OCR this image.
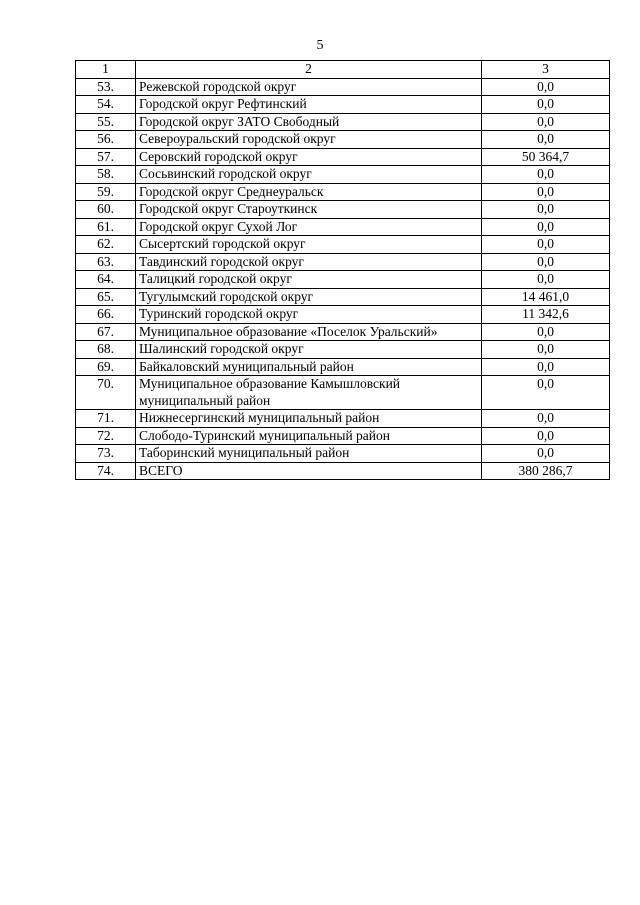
5
1	2	3
53.	Режевской городской округ	0,0
54.	Городской округ Рефтинский	0,0
55.	Городской округ ЗАТО Свободный	0,0
56.	Североуральский городской округ	0,0
57.	Серовский городской округ	50 364,7
58.	Сосьвинский городской округ	0,0
59.	Городской округ Среднеуральск	0,0
60.	Городской округ Староуткинск	0,0
61.	Городской округ Сухой Лог	0,0
62.	Сысертский городской округ	0,0
63.	Тавдинский городской округ	0,0
64.	Талицкий городской округ	0,0
65.	Тугулымский городской округ	14 461,0
66.	Туринский городской округ	11 342,6
67.	Муниципальное образование «Поселок Уральский»	0,0
68.	Шалинский городской округ	0,0
69.	Байкаловский муниципальный район	0,0
70.	Муниципальное образование Камышловский муниципальный район	0,0
71.	Нижнесергинский муниципальный район	0,0
72.	Слободо-Туринский муниципальный район	0,0
73.	Таборинский муниципальный район	0,0
74.	ВСЕГО	380 286,7
